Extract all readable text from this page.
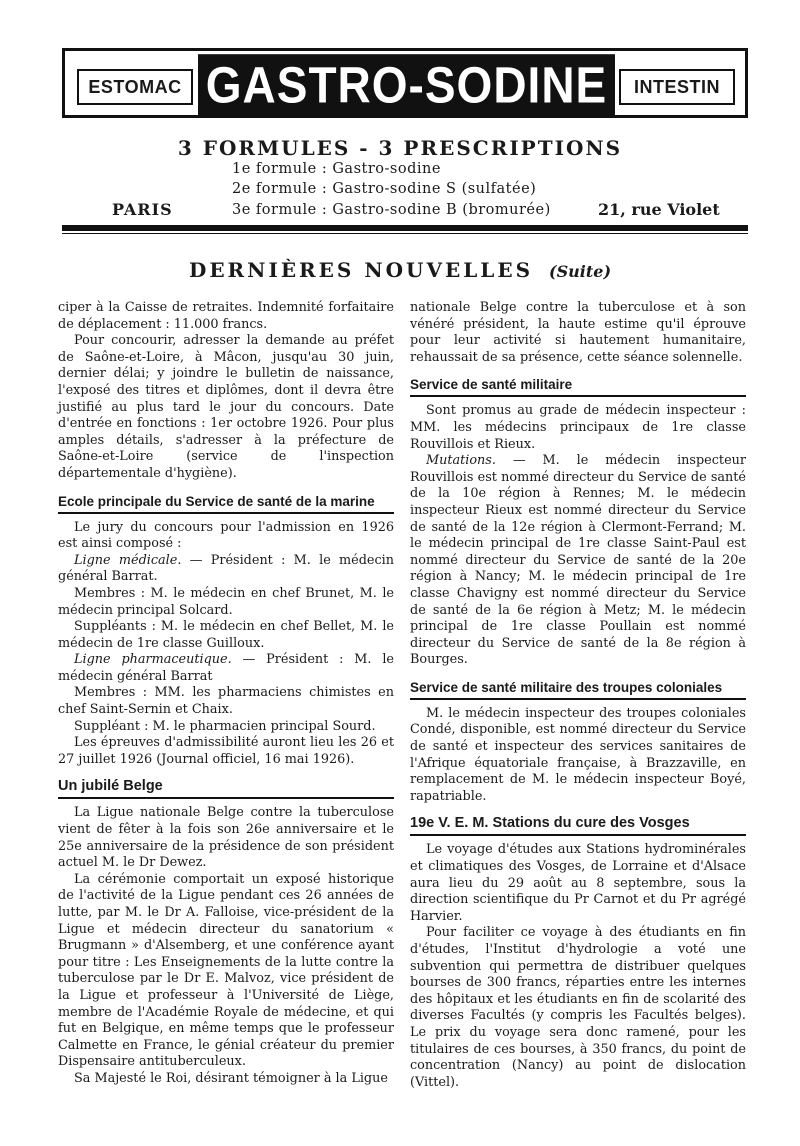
ESTOMAC GASTRO-SODINE	INTESTIN
3 FORMULES - 3 PRESCRIPTIONS
1e formule : Gastro-sodine
2e formule : Gastro-sodine S (sulfatée)
3e formule : Gastro-sodine B (bromurée)
PARIS	21, rue Violet
DERNIÈRES NOUVELLES (Suite)

ciper à la Caisse de retraites. Indemnité forfaitaire de déplacement : 11.000 francs.

Pour concourir, adresser la demande au préfet de Saône-et-Loire, à Mâcon, jusqu'au 30 juin, dernier délai; y joindre le bulletin de naissance, l'exposé des titres et diplômes, dont il devra être justifié au plus tard le jour du concours. Date d'entrée en fonctions : 1er octobre 1926. Pour plus amples détails, s'adresser à la préfecture de Saône-et-Loire (service de l'inspection départementale d'hygiène).

Ecole principale du Service de santé de la marine

Le jury du concours pour l'admission en 1926 est ainsi composé :

Ligne médicale. — Président : M. le médecin général Barrat.

Membres : M. le médecin en chef Brunet, M. le médecin principal Solcard.

Suppléants : M. le médecin en chef Bellet, M. le médecin de 1re classe Guilloux.

Ligne pharmaceutique. — Président : M. le médecin général Barrat

Membres : MM. les pharmaciens chimistes en chef Saint-Sernin et Chaix.

Suppléant : M. le pharmacien principal Sourd.

Les épreuves d'admissibilité auront lieu les 26 et 27 juillet 1926 (Journal officiel, 16 mai 1926).

Un jubilé Belge

La Ligue nationale Belge contre la tuberculose vient de fêter à la fois son 26e anniversaire et le 25e anniversaire de la présidence de son président actuel M. le Dr Dewez.

La cérémonie comportait un exposé historique de l'activité de la Ligue pendant ces 26 années de lutte, par M. le Dr A. Falloise, vice-président de la Ligue et médecin directeur du sanatorium « Brugmann » d'Alsemberg, et une conférence ayant pour titre : Les Enseignements de la lutte contre la tuberculose par le Dr E. Malvoz, vice président de la Ligue et professeur à l'Université de Liège, membre de l'Académie Royale de médecine, et qui fut en Belgique, en même temps que le professeur Calmette en France, le génial créateur du premier Dispensaire antituberculeux.

Sa Majesté le Roi, désirant témoigner à la Ligue

nationale Belge contre la tuberculose et à son vénéré président, la haute estime qu'il éprouve pour leur activité si hautement humanitaire, rehaussait de sa présence, cette séance solennelle.

Service de santé militaire

Sont promus au grade de médecin inspecteur : MM. les médecins principaux de 1re classe Rouvillois et Rieux.

Mutations. — M. le médecin inspecteur Rouvillois est nommé directeur du Service de santé de la 10e région à Rennes; M. le médecin inspecteur Rieux est nommé directeur du Service de santé de la 12e région à Clermont-Ferrand; M. le médecin principal de 1re classe Saint-Paul est nommé directeur du Service de santé de la 20e région à Nancy; M. le médecin principal de 1re classe Chavigny est nommé directeur du Service de santé de la 6e région à Metz; M. le médecin principal de 1re classe Poullain est nommé directeur du Service de santé de la 8e région à Bourges.

Service de santé militaire des troupes coloniales

M. le médecin inspecteur des troupes coloniales Condé, disponible, est nommé directeur du Service de santé et inspecteur des services sanitaires de l'Afrique équatoriale française, à Brazzaville, en remplacement de M. le médecin inspecteur Boyé, rapatriable.

19e V. E. M. Stations du cure des Vosges

Le voyage d'études aux Stations hydrominérales et climatiques des Vosges, de Lorraine et d'Alsace aura lieu du 29 août au 8 septembre, sous la direction scientifique du Pr Carnot et du Pr agrégé Harvier.

Pour faciliter ce voyage à des étudiants en fin d'études, l'Institut d'hydrologie a voté une subvention qui permettra de distribuer quelques bourses de 300 francs, réparties entre les internes des hôpitaux et les étudiants en fin de scolarité des diverses Facultés (y compris les Facultés belges). Le prix du voyage sera donc ramené, pour les titulaires de ces bourses, à 350 francs, du point de concentration (Nancy) au point de dislocation (Vittel).
